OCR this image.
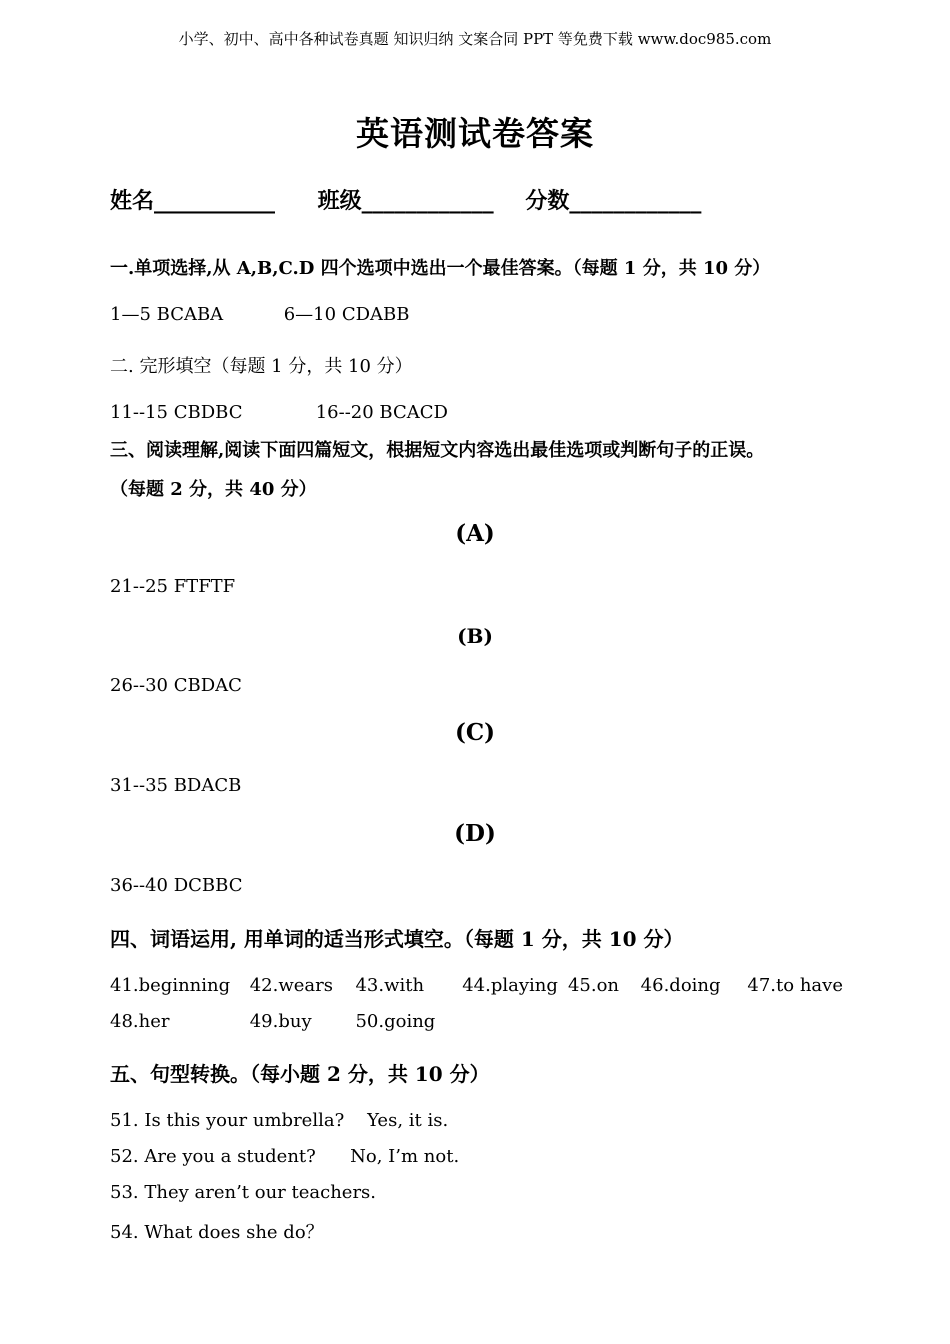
小学、初中、高中各种试卷真题 知识归纳 文案合同 PPT 等免费下载 www.doc985.com
英语测试卷答案
姓名___________ 班级____________ 分数____________
一.单项选择,从 A,B,C.D 四个选项中选出一个最佳答案。（每题 1 分，共 10 分）
1—5 BCABA	6—10 CDABB
二. 完形填空（每题 1 分，共 10 分）
11--15 CBDBC	16--20 BCACD
三、阅读理解,阅读下面四篇短文，根据短文内容选出最佳选项或判断句子的正误。
（每题 2 分，共 40 分）
(A)
21--25 FTFTF
(B)
26--30 CBDAC
(C)
31--35 BDACB
(D)
36--40 DCBBC
四、词语运用, 用单词的适当形式填空。（每题 1 分，共 10 分）
41.beginning 42.wears 43.with 44.playing 45.on 46.doing 47.to have
48.her	49.buy 50.going
五、句型转换。（每小题 2 分，共 10 分）
51. Is this your umbrella?    Yes, it is.
52. Are you a student?      No, I’m not.
53. They aren’t our teachers.
54. What does she do？
